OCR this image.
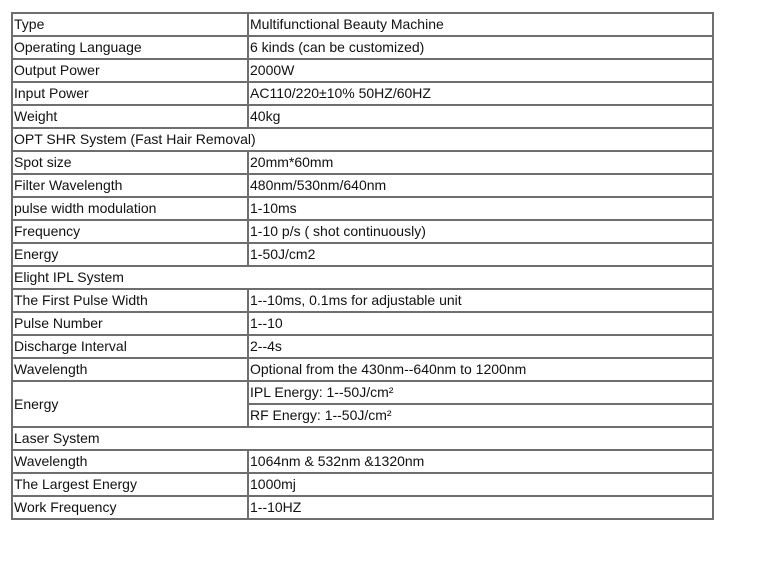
Type	Multifunctional Beauty Machine
Operating Language	6 kinds (can be customized)
Output Power	2000W
Input Power	AC110/220±10% 50HZ/60HZ
Weight	40kg
OPT SHR System (Fast Hair Removal)	
Spot size	20mm*60mm
Filter Wavelength	480nm/530nm/640nm
pulse width modulation	1-10ms
Frequency	1-10 p/s ( shot continuously)
Energy	1-50J/cm2
Elight IPL System	
The First Pulse Width	1--10ms, 0.1ms for adjustable unit
Pulse Number	1--10
Discharge Interval	2--4s
Wavelength	Optional from the 430nm--640nm to 1200nm
Energy	IPL Energy: 1--50J/cm²
	RF Energy: 1--50J/cm²
Laser System	
Wavelength	1064nm & 532nm &1320nm
The Largest Energy	1000mj
Work Frequency	1--10HZ
